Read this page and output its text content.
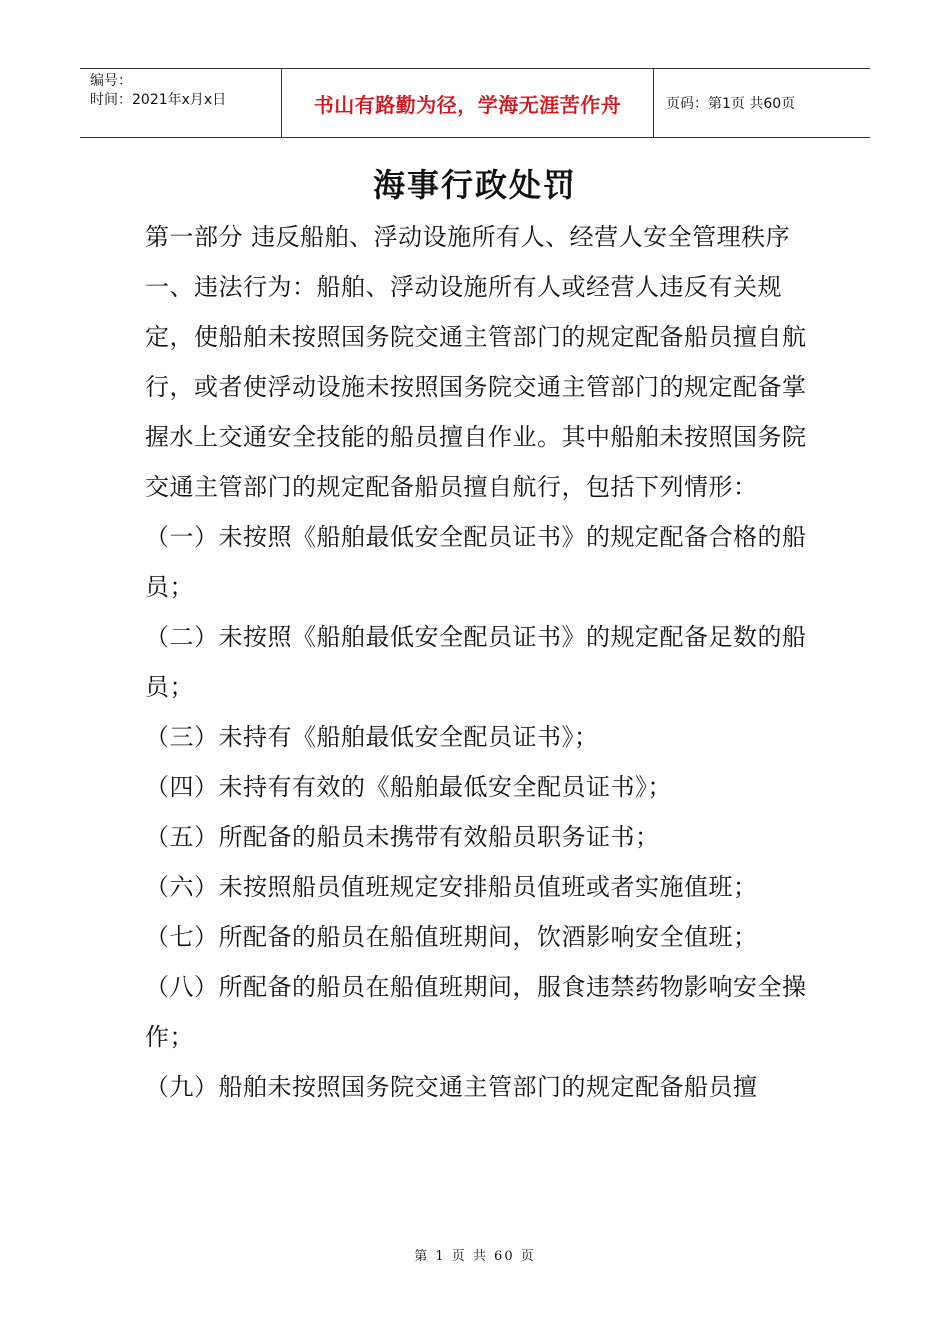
编号：
时间：2021年x月x日	书山有路勤为径，学海无涯苦作舟	页码：第1页 共60页
海事行政处罚

第一部分 违反船舶、浮动设施所有人、经营人安全管理秩序

一、违法行为：船舶、浮动设施所有人或经营人违反有关规定，使船舶未按照国务院交通主管部门的规定配备船员擅自航行，或者使浮动设施未按照国务院交通主管部门的规定配备掌握水上交通安全技能的船员擅自作业。其中船舶未按照国务院交通主管部门的规定配备船员擅自航行，包括下列情形：

（一）未按照《船舶最低安全配员证书》的规定配备合格的船员；

（二）未按照《船舶最低安全配员证书》的规定配备足数的船员；

（三）未持有《船舶最低安全配员证书》；

（四）未持有有效的《船舶最低安全配员证书》；

（五）所配备的船员未携带有效船员职务证书；

（六）未按照船员值班规定安排船员值班或者实施值班；

（七）所配备的船员在船值班期间，饮酒影响安全值班；

（八）所配备的船员在船值班期间，服食违禁药物影响安全操作；

（九）船舶未按照国务院交通主管部门的规定配备船员擅

第 1 页 共 60 页
